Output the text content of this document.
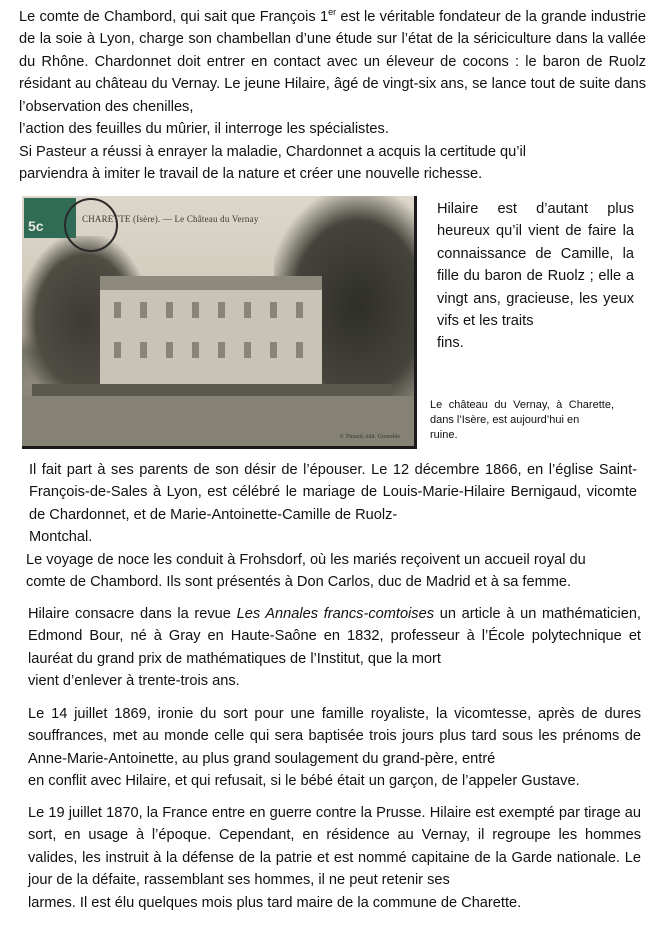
Le comte de Chambord, qui sait que François 1er est le véritable fondateur de la grande industrie de la soie à Lyon, charge son chambellan d’une étude sur l’état de la sériciculture dans la vallée du Rhône. Chardonnet doit entrer en contact avec un éleveur de cocons : le baron de Ruolz résidant au château du Vernay. Le jeune Hilaire, âgé de vingt-six ans, se lance tout de suite dans l’observation des chenilles,
l’action des feuilles du mûrier, il interroge les spécialistes.

Si Pasteur a réussi à enrayer la maladie, Chardonnet a acquis la certitude qu’il
parviendra à imiter le travail de la nature et créer une nouvelle richesse.

5c	CHARETTE (Isère). — Le Château du Vernay
F. Pinaud, édit. Grenoble

Hilaire est d’autant plus heureux qu’il vient de faire la connaissance de Camille, la fille du baron de Ruolz ; elle a vingt ans, gracieuse, les yeux vifs et les traits
fins.

Le château du Vernay, à Charette, dans l’Isère, est aujourd’hui en
ruine.

Il fait part à ses parents de son désir de l’épouser. Le 12 décembre 1866, en l’église Saint-François-de-Sales à Lyon, est célébré le mariage de Louis-Marie-Hilaire Bernigaud, vicomte de Chardonnet, et de Marie-Antoinette-Camille de Ruolz-
Montchal.

Le voyage de noce les conduit à Frohsdorf, où les mariés reçoivent un accueil royal du
comte de Chambord. Ils sont présentés à Don Carlos, duc de Madrid et à sa femme.

Hilaire consacre dans la revue Les Annales francs-comtoises un article à un mathématicien, Edmond Bour, né à Gray en Haute-Saône en 1832, professeur à l’École polytechnique et lauréat du grand prix de mathématiques de l’Institut, que la mort
vient d’enlever à trente-trois ans.

Le 14 juillet 1869, ironie du sort pour une famille royaliste, la vicomtesse, après de dures souffrances, met au monde celle qui sera baptisée trois jours plus tard sous les prénoms de Anne-Marie-Antoinette, au plus grand soulagement du grand-père, entré
en conflit avec Hilaire, et qui refusait, si le bébé était un garçon, de l’appeler Gustave.

Le 19 juillet 1870, la France entre en guerre contre la Prusse. Hilaire est exempté par tirage au sort, en usage à l’époque. Cependant, en résidence au Vernay, il regroupe les hommes valides, les instruit à la défense de la patrie et est nommé capitaine de la Garde nationale. Le jour de la défaite, rassemblant ses hommes, il ne peut retenir ses
larmes. Il est élu quelques mois plus tard maire de la commune de Charette.
